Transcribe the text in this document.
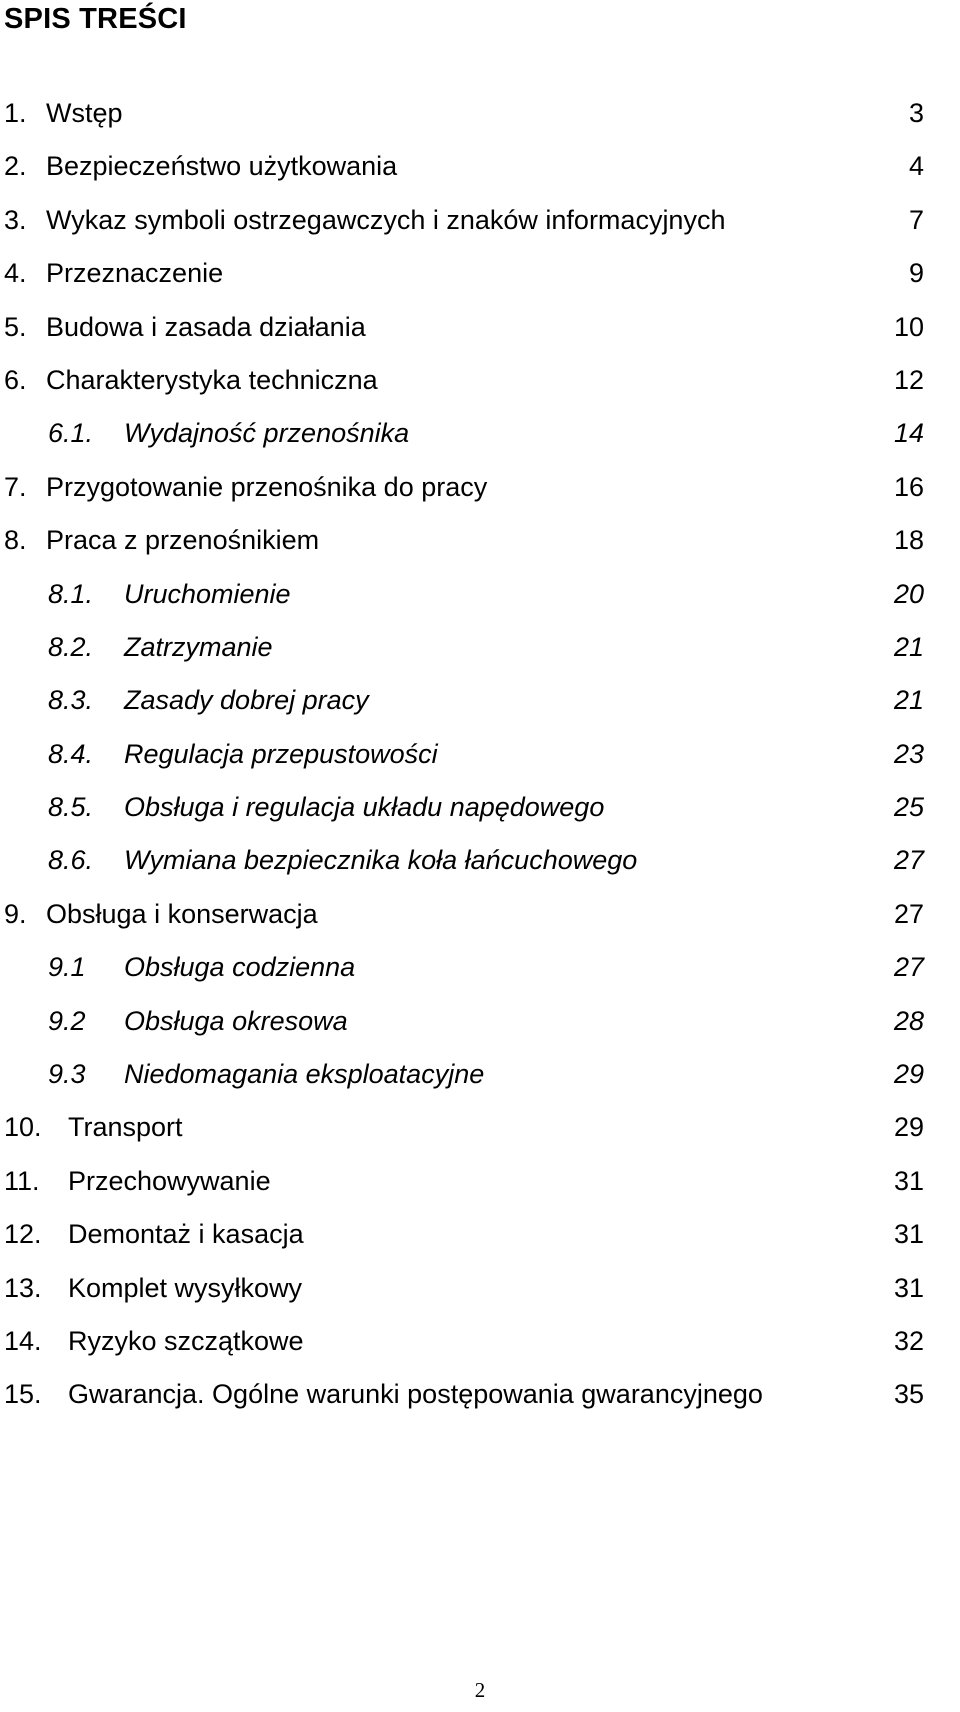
SPIS TREŚCI
1. Wstęp	3
2. Bezpieczeństwo użytkowania	4
3. Wykaz symboli ostrzegawczych i znaków informacyjnych	7
4. Przeznaczenie	9
5. Budowa i zasada działania	10
6. Charakterystyka techniczna	12
6.1. Wydajność przenośnika	14
7. Przygotowanie przenośnika do pracy	16
8. Praca z przenośnikiem	18
8.1. Uruchomienie	20
8.2. Zatrzymanie	21
8.3. Zasady dobrej pracy	21
8.4. Regulacja przepustowości	23
8.5. Obsługa i regulacja układu napędowego	25
8.6. Wymiana bezpiecznika koła łańcuchowego	27
9. Obsługa i konserwacja	27
9.1 Obsługa codzienna	27
9.2 Obsługa okresowa	28
9.3 Niedomagania eksploatacyjne	29
10. Transport	29
11. Przechowywanie	31
12. Demontaż i kasacja	31
13. Komplet wysyłkowy	31
14. Ryzyko szczątkowe	32
15. Gwarancja. Ogólne warunki postępowania gwarancyjnego	35
2
